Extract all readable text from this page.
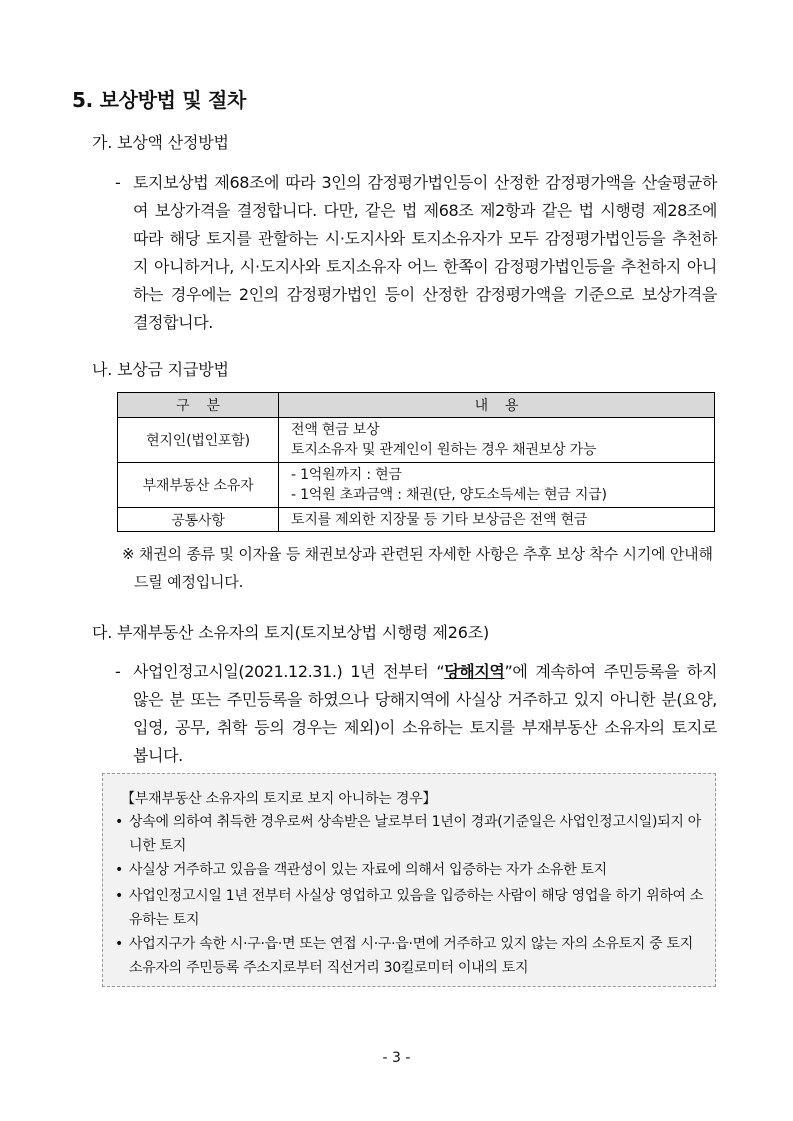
5. 보상방법 및 절차
가. 보상액 산정방법
- 토지보상법 제68조에 따라 3인의 감정평가법인등이 산정한 감정평가액을 산술평균하여 보상가격을 결정합니다. 다만, 같은 법 제68조 제2항과 같은 법 시행령 제28조에 따라 해당 토지를 관할하는 시·도지사와 토지소유자가 모두 감정평가법인등을 추천하지 아니하거나, 시·도지사와 토지소유자 어느 한쪽이 감정평가법인등을 추천하지 아니하는 경우에는 2인의 감정평가법인 등이 산정한 감정평가액을 기준으로 보상가격을 결정합니다.
나. 보상금 지급방법
구    분	내    용
현지인(법인포함)	전액 현금 보상
토지소유자 및 관계인이 원하는 경우 채권보상 가능

부재부동산 소유자	- 1억원까지 : 현금
- 1억원 초과금액 : 채권(단, 양도소득세는 현금 지급)

공통사항	토지를 제외한 지장물 등 기타 보상금은 전액 현금
※ 채권의 종류 및 이자율 등 채권보상과 관련된 자세한 사항은 추후 보상 착수 시기에 안내해 드릴 예정입니다.
다. 부재부동산 소유자의 토지(토지보상법 시행령 제26조)
- 사업인정고시일(2021.12.31.) 1년 전부터 “당해지역”에 계속하여 주민등록을 하지 않은 분 또는 주민등록을 하였으나 당해지역에 사실상 거주하고 있지 아니한 분(요양, 입영, 공무, 취학 등의 경우는 제외)이 소유하는 토지를 부재부동산 소유자의 토지로 봅니다.
【부재부동산 소유자의 토지로 보지 아니하는 경우】
• 상속에 의하여 취득한 경우로써 상속받은 날로부터 1년이 경과(기준일은 사업인정고시일)되지 아니한 토지
• 사실상 거주하고 있음을 객관성이 있는 자료에 의해서 입증하는 자가 소유한 토지
• 사업인정고시일 1년 전부터 사실상 영업하고 있음을 입증하는 사람이 해당 영업을 하기 위하여 소유하는 토지
• 사업지구가 속한 시·구·읍·면 또는 연접 시·구·읍·면에 거주하고 있지 않는 자의 소유토지 중 토지소유자의 주민등록 주소지로부터 직선거리 30킬로미터 이내의 토지
- 3 -
